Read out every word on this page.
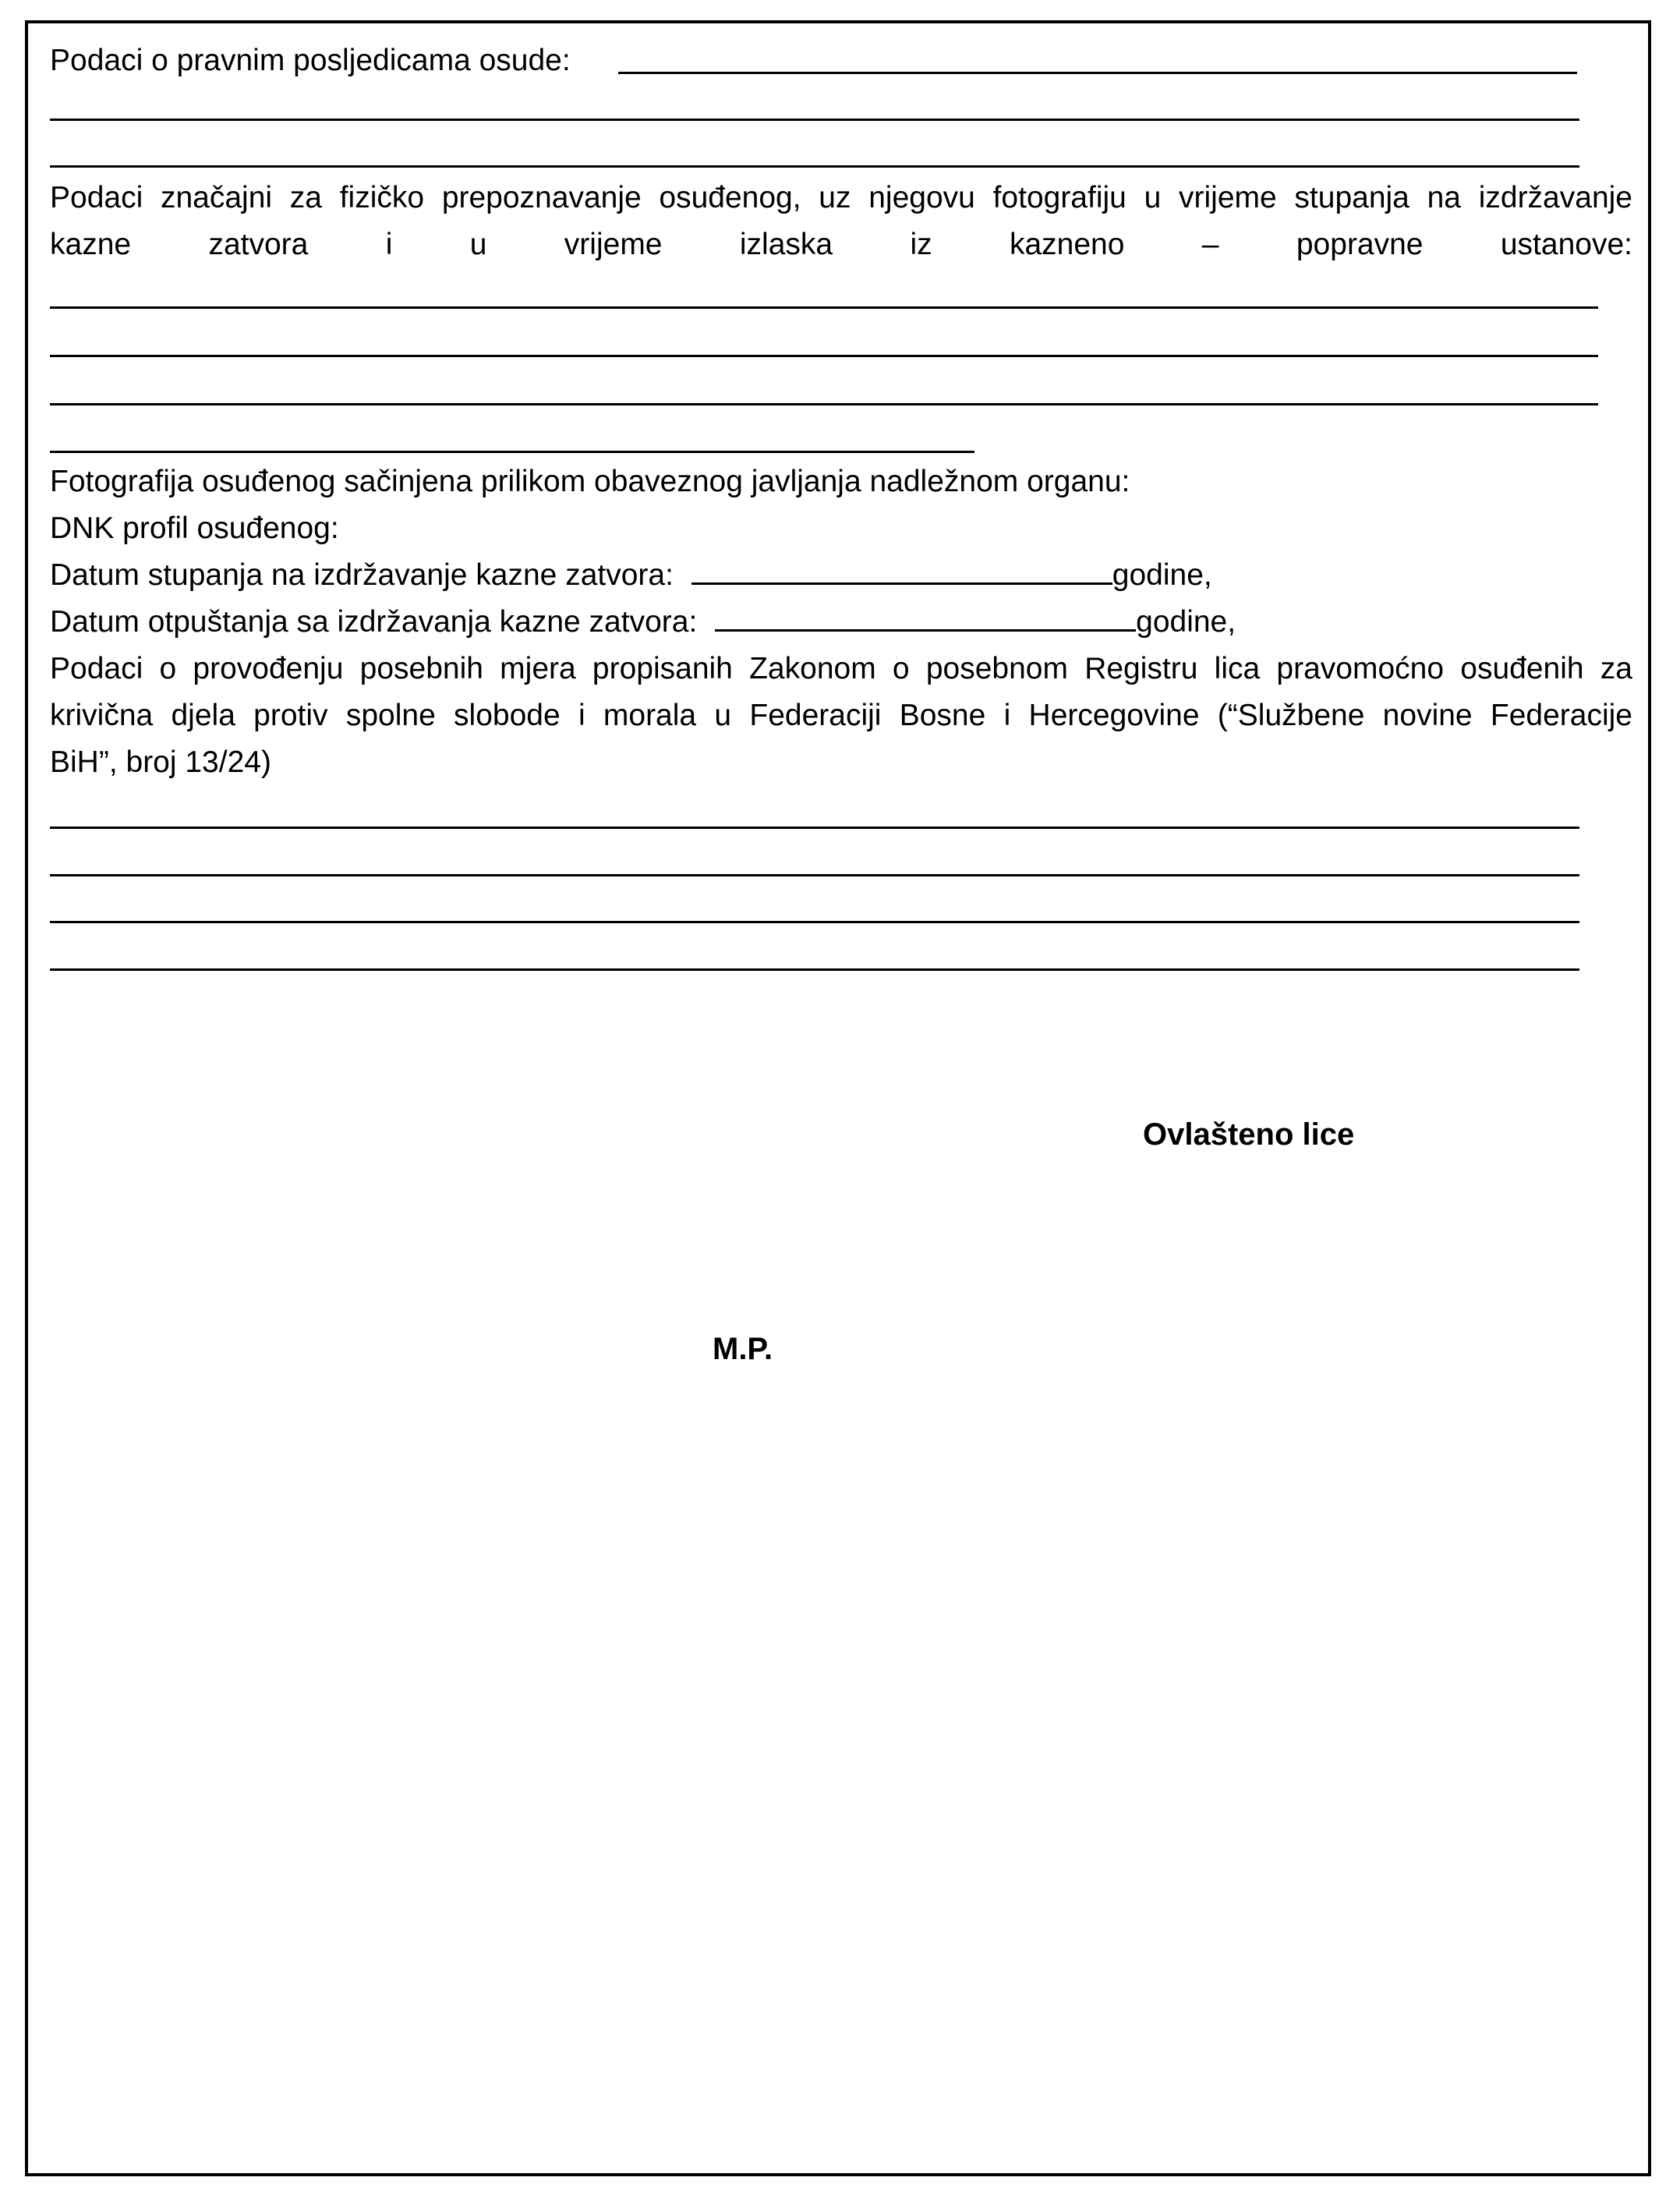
Podaci o pravnim posljedicama osude:
Podaci značajni za fizičko prepoznavanje osuđenog, uz njegovu fotografiju u vrijeme stupanja na izdržavanje
kazne zatvora i u vrijeme izlaska iz kazneno – popravne ustanove:
Fotografija osuđenog sačinjena prilikom obaveznog javljanja nadležnom organu:
DNK profil osuđenog:
Datum stupanja na izdržavanje kazne zatvora:	godine,
Datum otpuštanja sa izdržavanja kazne zatvora:	godine,
Podaci o provođenju posebnih mjera propisanih Zakonom o posebnom Registru lica pravomoćno osuđenih za
krivična djela protiv spolne slobode i morala u Federaciji Bosne i Hercegovine (“Službene novine Federacije
BiH”, broj 13/24)
Ovlašteno lice
M.P.
